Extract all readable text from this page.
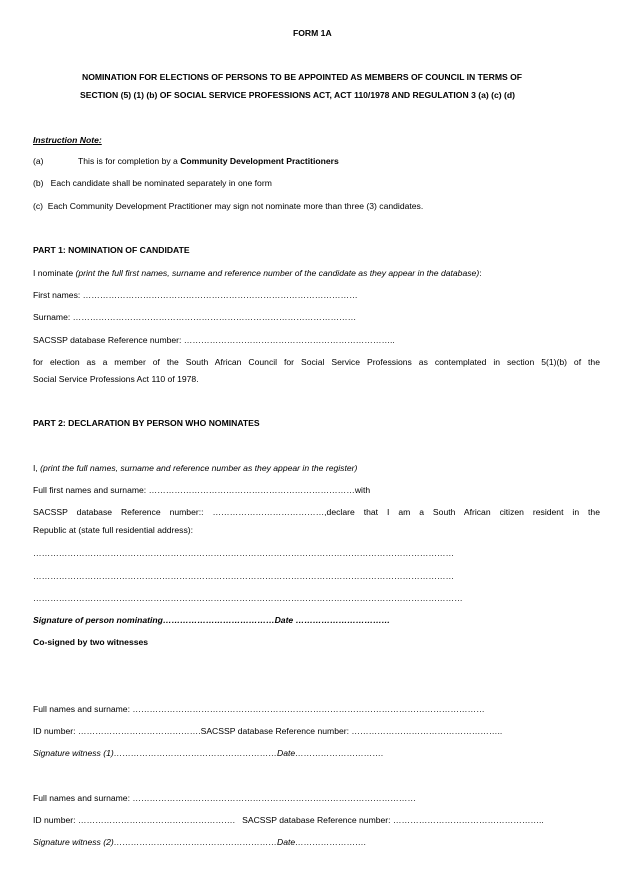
FORM 1A
NOMINATION FOR ELECTIONS OF PERSONS TO BE APPOINTED AS MEMBERS OF COUNCIL IN TERMS OF
SECTION (5) (1) (b) OF SOCIAL SERVICE PROFESSIONS ACT, ACT 110/1978 AND REGULATION 3 (a) (c) (d)
Instruction Note:
(a)	This is for completion by a Community Development Practitioners
(b)   Each candidate shall be nominated separately in one form
(c)  Each Community Development Practitioner may sign not nominate more than three (3) candidates.
PART 1: NOMINATION OF CANDIDATE
I nominate (print the full first names, surname and reference number of the candidate as they appear in the database):
First names: ……………………………………………………………………………………
Surname: ………………………………………………………………………………………
SACSSP database Reference number: ………………………………………………………………..
for election as a member of the South African Council for Social Service Professions as contemplated in section 5(1)(b) of the
Social Service Professions Act 110 of 1978.
PART 2: DECLARATION BY PERSON WHO NOMINATES
I, (print the full names, surname and reference number as they appear in the register)
Full first names and surname: ………………………………………………………………with
SACSSP database Reference number:: …………………………………,declare that I am a South African citizen resident in the
Republic at (state full residential address):
…………………………………………………………………………………………………………………………………
…………………………………………………………………………………………………………………………………
……………………………………………………………………………………………………………………………………
Signature of person nominating…………………………………Date ……………………………
Co-signed by two witnesses
Full names and surname: ……………………………………………………………………………………………………………
ID number: …………………………………….SACSSP database Reference number: ……………………………………………..
Signature witness (1)…………………………………………………Date………………………….
Full names and surname: ………………………………………………………………………………………
ID number: ……………………………………………….   SACSSP database Reference number: ……………………………………………..
Signature witness (2)…………………………………………………Date…………………….
